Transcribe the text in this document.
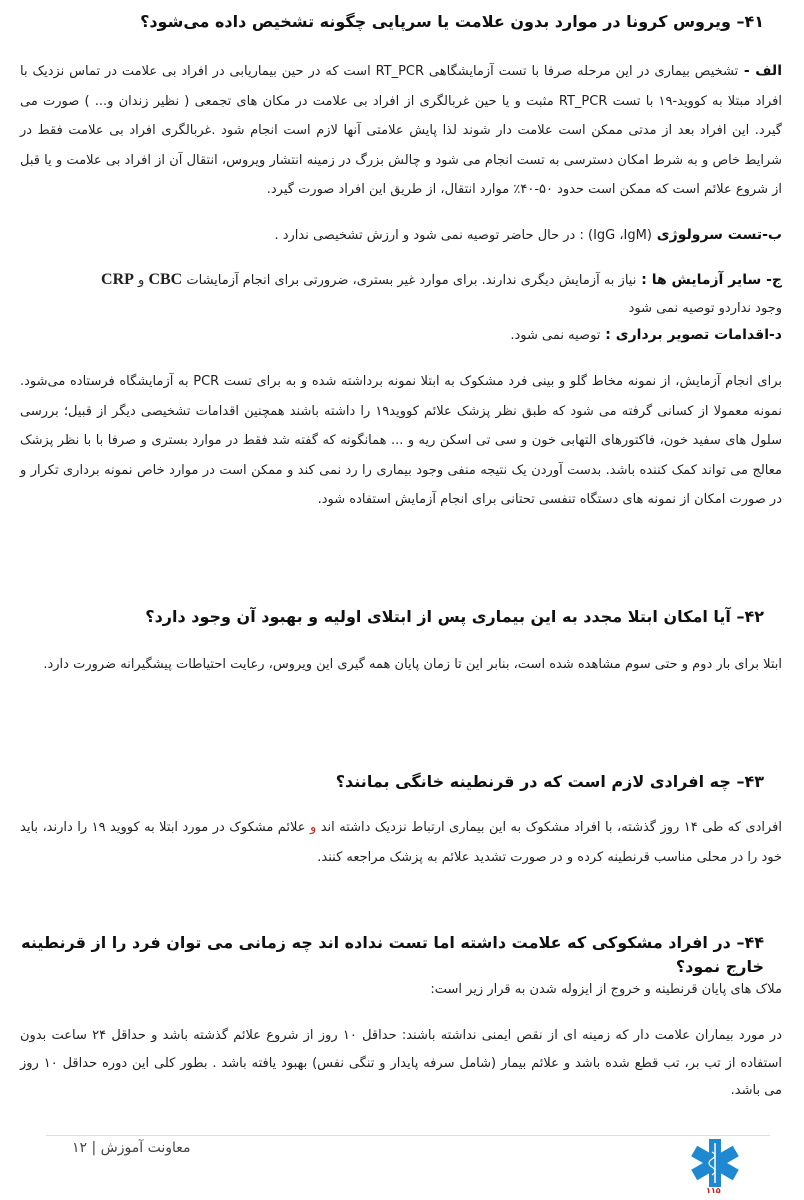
۴۱– ویروس کرونا در موارد بدون علامت یا سرپایی چگونه تشخیص داده می‌شود؟
الف - تشخیص بیماری در این مرحله صرفا با تست آزمایشگاهی RT_PCR است که در حین بیماریابی در افراد بی علامت در تماس نزدیک با افراد مبتلا به کووید-۱۹ با تست RT_PCR مثبت و یا حین غربالگری از افراد بی علامت در مکان های تجمعی ( نظیر زندان و... ) صورت می گیرد. این افراد بعد از مدتی ممکن است علامت دار شوند لذا پایش علامتی آنها لازم است انجام شود .غربالگری افراد بی علامت فقط در شرایط خاص و به شرط امکان دسترسی به تست انجام می شود و چالش بزرگ در زمینه انتشار ویروس، انتقال آن از افراد بی علامت و یا قبل از شروع علائم است که ممکن است حدود ۵۰-۴۰٪ موارد انتقال، از طریق این افراد صورت گیرد.
ب-تست سرولوژی (IgG ،IgM) : در حال حاضر توصیه نمی شود و ارزش تشخیصی ندارد .
ج- سایر آزمایش ها : نیاز به آزمایش دیگری ندارند. برای موارد غیر بستری، ضرورتی برای انجام آزمایشات CBC و CRP
وجود نداردو توصیه نمی شود
د-اقدامات تصویر برداری : توصیه نمی شود.
برای انجام آزمایش، از نمونه مخاط گلو و بینی فرد مشکوک به ابتلا نمونه برداشته شده و به برای تست PCR به آزمایشگاه فرستاده می‌شود. نمونه معمولا از کسانی گرفته می شود که طبق نظر پزشک علائم کووید۱۹ را داشته باشند همچنین اقدامات تشخیصی دیگر از قبیل؛ بررسی سلول های سفید خون، فاکتورهای التهابی خون و سی تی اسکن ریه و ... همانگونه که گفته شد فقط در موارد بستری و صرفا با با نظر پزشک معالج می تواند کمک کننده باشد. بدست آوردن یک نتیجه منفی وجود بیماری را رد نمی کند و ممکن است در موارد خاص نمونه برداری تکرار و در صورت امکان از نمونه های دستگاه تنفسی تحتانی برای انجام آزمایش استفاده شود.
۴۲– آیا امکان ابتلا مجدد به این بیماری پس از ابتلای اولیه و بهبود آن وجود دارد؟
ابتلا برای بار دوم و حتی سوم مشاهده شده است، بنابر این تا زمان پایان همه گیری این ویروس، رعایت احتیاطات پیشگیرانه ضرورت دارد.
۴۳– چه افرادی لازم است که در قرنطینه خانگی بمانند؟
افرادی که طی ۱۴ روز گذشته، با افراد مشکوک به این بیماری ارتباط نزدیک داشته اند و علائم مشکوک در مورد ابتلا به کووید ۱۹ را دارند، باید خود را در محلی مناسب قرنطینه کرده و در صورت تشدید علائم به پزشک مراجعه کنند.
۴۴– در افراد مشکوکی که علامت داشته اما تست نداده اند چه زمانی می توان فرد را از قرنطینه خارج نمود؟
ملاک های پایان قرنطینه و خروج از ایزوله شدن به قرار زیر است:
در مورد بیماران علامت دار که زمینه ای از نقص ایمنی نداشته باشند: حداقل ۱۰ روز از شروع علائم گذشته باشد و حداقل ۲۴ ساعت بدون استفاده از تب بر، تب قطع شده باشد و علائم بیمار (شامل سرفه پایدار و تنگی نفس) بهبود یافته باشد . بطور کلی این دوره حداقل ۱۰ روز می باشد.
معاونت آموزش | ۱۲
۱۱۵
